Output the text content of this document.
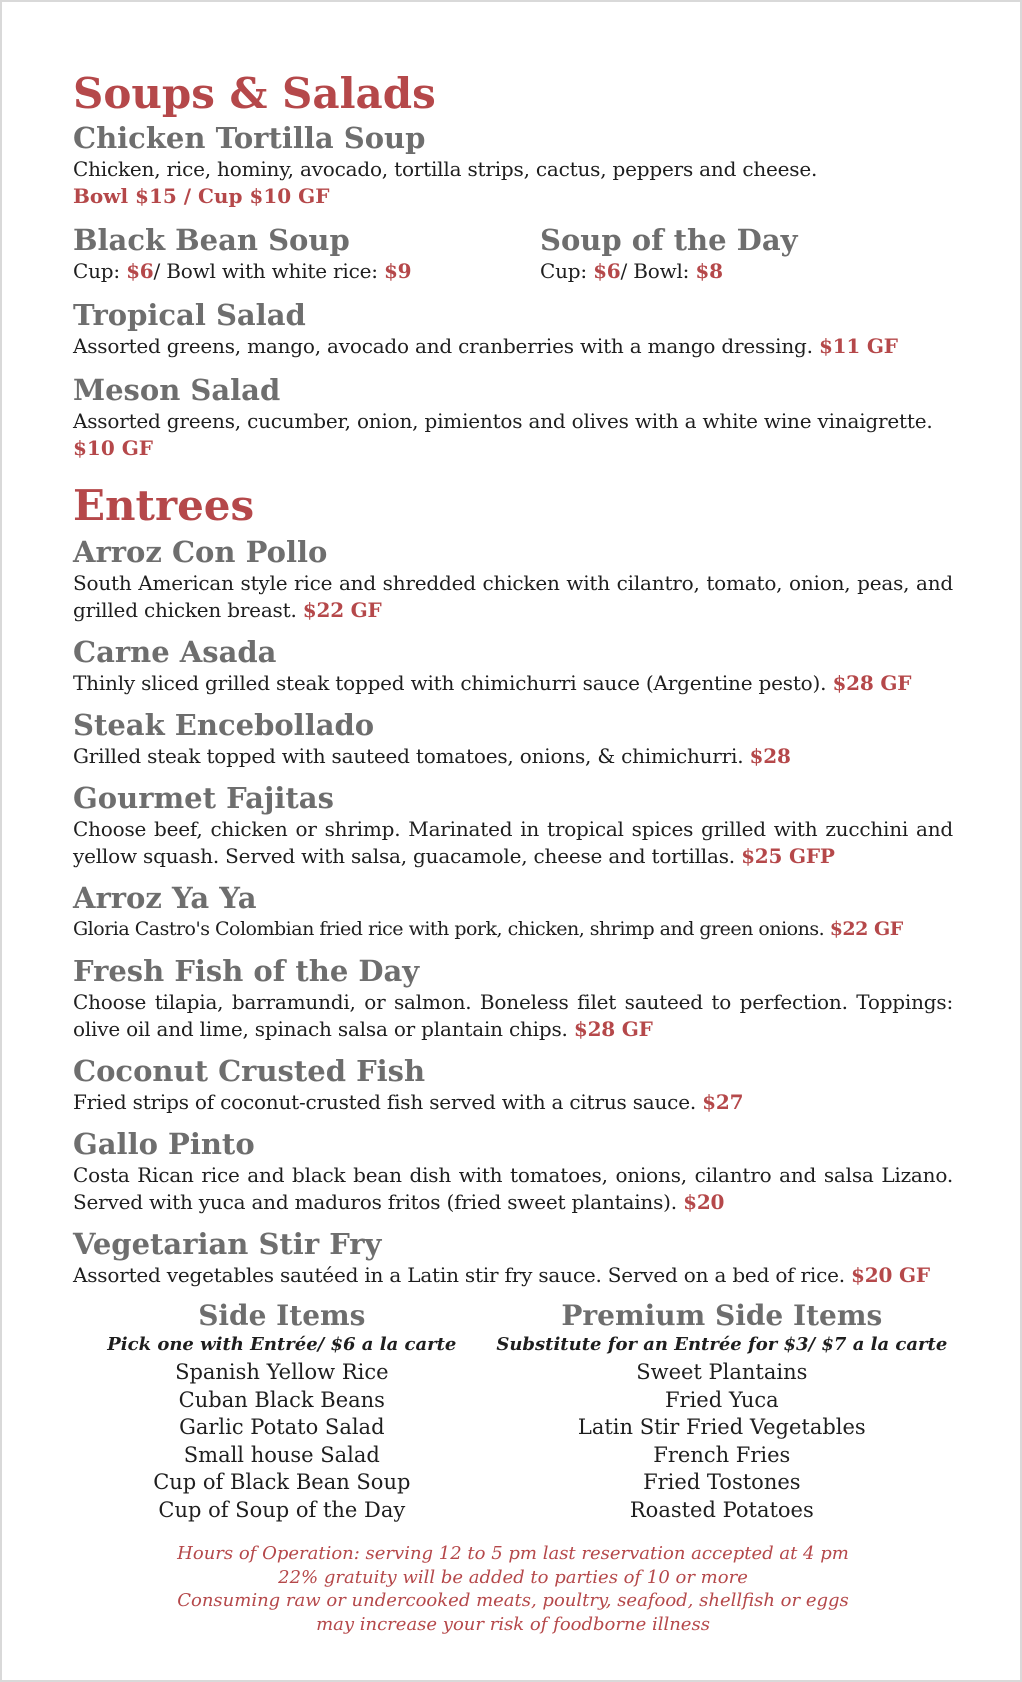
Soups & Salads
Chicken Tortilla Soup
Chicken, rice, hominy, avocado, tortilla strips, cactus, peppers and cheese.
Bowl $15 / Cup $10 GF
Black Bean Soup
Cup: $6/ Bowl with white rice: $9
Soup of the Day
Cup: $6/ Bowl: $8
Tropical Salad
Assorted greens, mango, avocado and cranberries with a mango dressing. $11 GF
Meson Salad
Assorted greens, cucumber, onion, pimientos and olives with a white wine vinaigrette.
$10 GF
Entrees
Arroz Con Pollo
South American style rice and shredded chicken with cilantro, tomato, onion, peas, and grilled chicken breast. $22 GF
Carne Asada
Thinly sliced grilled steak topped with chimichurri sauce (Argentine pesto). $28 GF
Steak Encebollado
Grilled steak topped with sauteed tomatoes, onions, & chimichurri. $28
Gourmet Fajitas
Choose beef, chicken or shrimp. Marinated in tropical spices grilled with zucchini and yellow squash. Served with salsa, guacamole, cheese and tortillas. $25 GFP
Arroz Ya Ya
Gloria Castro's Colombian fried rice with pork, chicken, shrimp and green onions. $22 GF
Fresh Fish of the Day
Choose tilapia, barramundi, or salmon. Boneless filet sauteed to perfection. Toppings: olive oil and lime, spinach salsa or plantain chips. $28 GF
Coconut Crusted Fish
Fried strips of coconut-crusted fish served with a citrus sauce. $27
Gallo Pinto
Costa Rican rice and black bean dish with tomatoes, onions, cilantro and salsa Lizano. Served with yuca and maduros fritos (fried sweet plantains). $20
Vegetarian Stir Fry
Assorted vegetables sautéed in a Latin stir fry sauce. Served on a bed of rice. $20 GF
Side Items
Pick one with Entrée/ $6 a la carte
Spanish Yellow Rice
Cuban Black Beans
Garlic Potato Salad
Small house Salad
Cup of Black Bean Soup
Cup of Soup of the Day
Premium Side Items
Substitute for an Entrée for $3/ $7 a la carte
Sweet Plantains
Fried Yuca
Latin Stir Fried Vegetables
French Fries
Fried Tostones
Roasted Potatoes
Hours of Operation: serving 12 to 5 pm last reservation accepted at 4 pm
22% gratuity will be added to parties of 10 or more
Consuming raw or undercooked meats, poultry, seafood, shellfish or eggs
may increase your risk of foodborne illness
